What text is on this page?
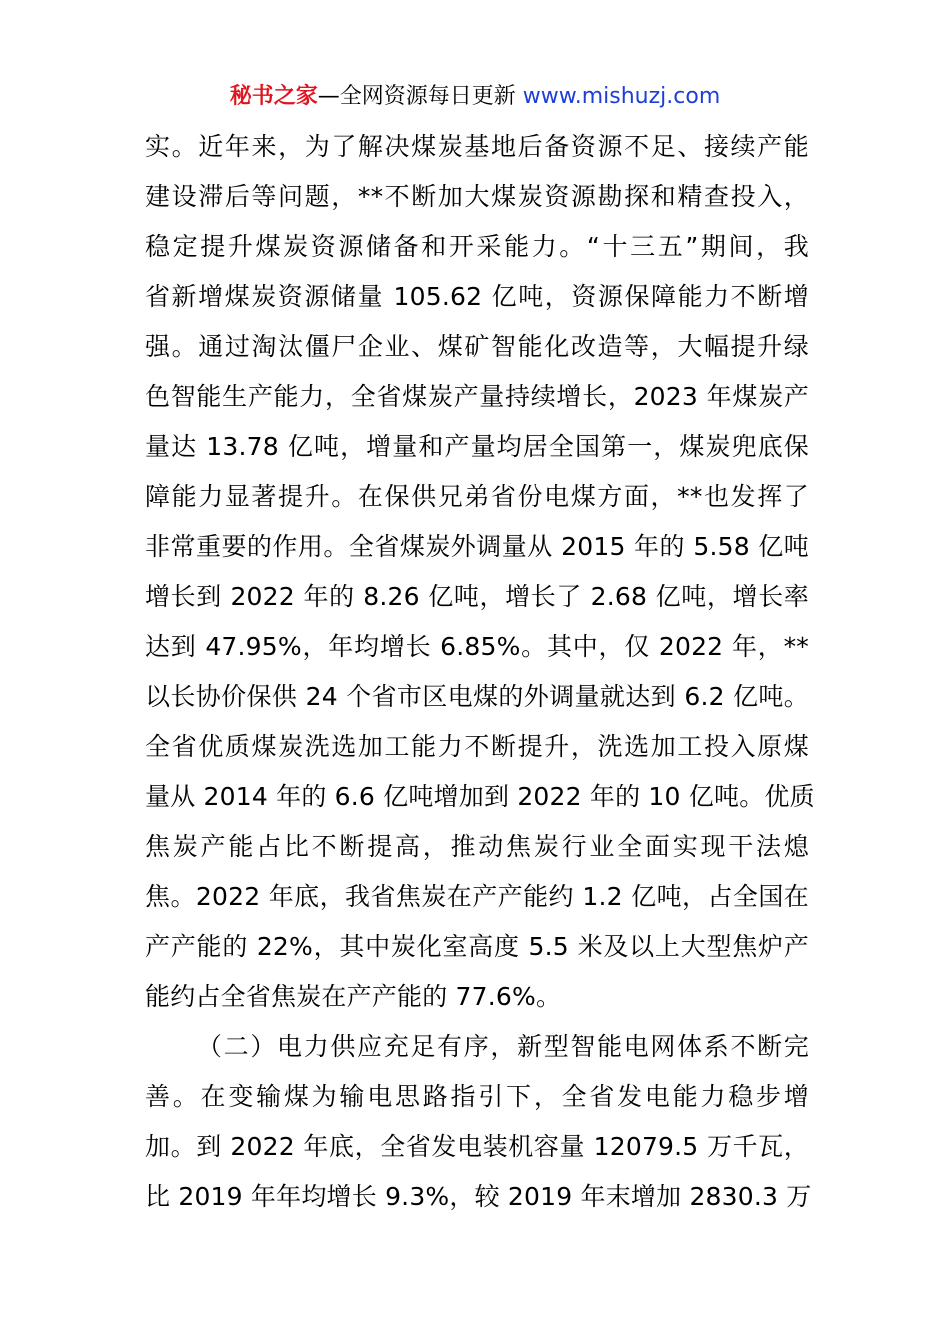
秘书之家—全网资源每日更新 www.mishuzj.com
实。近年来，为了解决煤炭基地后备资源不足、接续产能
建设滞后等问题，**不断加大煤炭资源勘探和精查投入，
稳定提升煤炭资源储备和开采能力。“十三五”期间，我
省新增煤炭资源储量 105.62 亿吨，资源保障能力不断增
强。通过淘汰僵尸企业、煤矿智能化改造等，大幅提升绿
色智能生产能力，全省煤炭产量持续增长，2023 年煤炭产
量达 13.78 亿吨，增量和产量均居全国第一，煤炭兜底保
障能力显著提升。在保供兄弟省份电煤方面，**也发挥了
非常重要的作用。全省煤炭外调量从 2015 年的 5.58 亿吨
增长到 2022 年的 8.26 亿吨，增长了 2.68 亿吨，增长率
达到 47.95%，年均增长 6.85%。其中，仅 2022 年，**
以长协价保供 24 个省市区电煤的外调量就达到 6.2 亿吨。
全省优质煤炭洗选加工能力不断提升，洗选加工投入原煤
量从 2014 年的 6.6 亿吨增加到 2022 年的 10 亿吨。优质
焦炭产能占比不断提高，推动焦炭行业全面实现干法熄
焦。2022 年底，我省焦炭在产产能约 1.2 亿吨，占全国在
产产能的 22%，其中炭化室高度 5.5 米及以上大型焦炉产
能约占全省焦炭在产产能的 77.6%。
（二）电力供应充足有序，新型智能电网体系不断完
善。在变输煤为输电思路指引下，全省发电能力稳步增
加。到 2022 年底，全省发电装机容量 12079.5 万千瓦，
比 2019 年年均增长 9.3%，较 2019 年末增加 2830.3 万
